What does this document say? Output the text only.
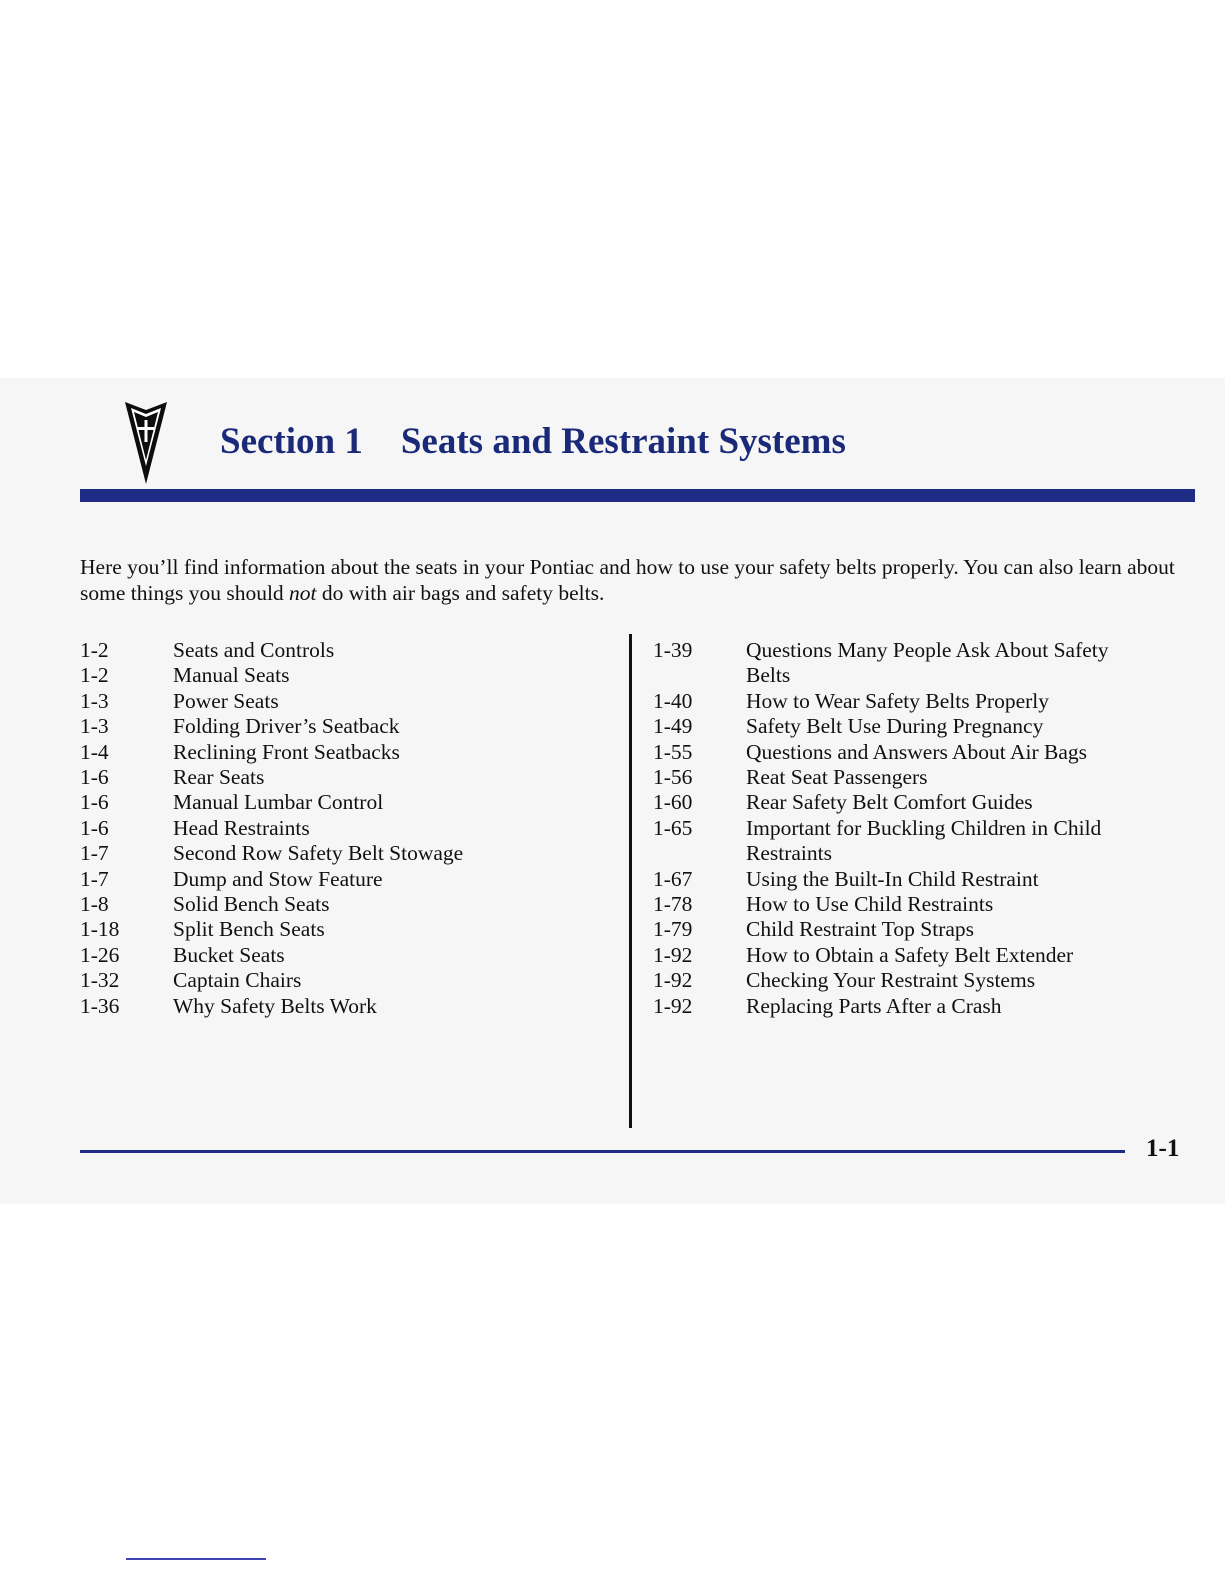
Section 1 Seats and Restraint Systems

Here you’ll find information about the seats in your Pontiac and how to use your safety belts properly. You can also learn about some things you should not do with air bags and safety belts.

1-2	Seats and Controls
1-2	Manual Seats
1-3	Power Seats
1-3	Folding Driver’s Seatback
1-4	Reclining Front Seatbacks
1-6	Rear Seats
1-6	Manual Lumbar Control
1-6	Head Restraints
1-7	Second Row Safety Belt Stowage
1-7	Dump and Stow Feature
1-8	Solid Bench Seats
1-18	Split Bench Seats
1-26	Bucket Seats
1-32	Captain Chairs
1-36	Why Safety Belts Work
1-39	Questions Many People Ask About Safety Belts
1-40	How to Wear Safety Belts Properly
1-49	Safety Belt Use During Pregnancy
1-55	Questions and Answers About Air Bags
1-56	Reat Seat Passengers
1-60	Rear Safety Belt Comfort Guides
1-65	Important for Buckling Children in Child Restraints
1-67	Using the Built-In Child Restraint
1-78	How to Use Child Restraints
1-79	Child Restraint Top Straps
1-92	How to Obtain a Safety Belt Extender
1-92	Checking Your Restraint Systems
1-92	Replacing Parts After a Crash
1-1
